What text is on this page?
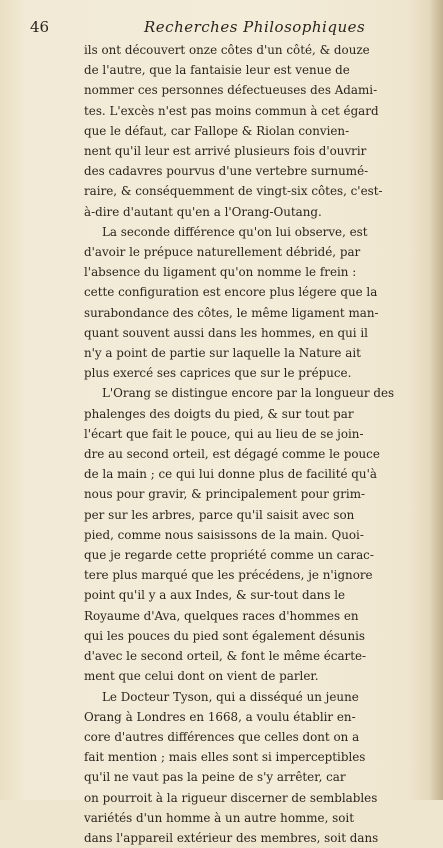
46	Recherches Philosophiques

ils ont découvert onze côtes d'un côté, & douze
de l'autre, que la fantaisie leur est venue de
nommer ces personnes défectueuses des Adami-
tes. L'excès n'est pas moins commun à cet égard
que le défaut, car Fallope & Riolan convien-
nent qu'il leur est arrivé plusieurs fois d'ouvrir
des cadavres pourvus d'une vertebre surnumé-
raire, & conséquemment de vingt-six côtes, c'est-
à-dire d'autant qu'en a l'Orang-Outang.

La seconde différence qu'on lui observe, est
d'avoir le prépuce naturellement débridé, par
l'absence du ligament qu'on nomme le frein :
cette configuration est encore plus légere que la
surabondance des côtes, le même ligament man-
quant souvent aussi dans les hommes, en qui il
n'y a point de partie sur laquelle la Nature ait
plus exercé ses caprices que sur le prépuce.

L'Orang se distingue encore par la longueur des
phalenges des doigts du pied, & sur tout par
l'écart que fait le pouce, qui au lieu de se join-
dre au second orteil, est dégagé comme le pouce
de la main ; ce qui lui donne plus de facilité qu'à
nous pour gravir, & principalement pour grim-
per sur les arbres, parce qu'il saisit avec son
pied, comme nous saisissons de la main. Quoi-
que je regarde cette propriété comme un carac-
tere plus marqué que les précédens, je n'ignore
point qu'il y a aux Indes, & sur-tout dans le
Royaume d'Ava, quelques races d'hommes en
qui les pouces du pied sont également désunis
d'avec le second orteil, & font le même écarte-
ment que celui dont on vient de parler.

Le Docteur Tyson, qui a disséqué un jeune
Orang à Londres en 1668, a voulu établir en-
core d'autres différences que celles dont on a
fait mention ; mais elles sont si imperceptibles
qu'il ne vaut pas la peine de s'y arrêter, car
on pourroit à la rigueur discerner de semblables
variétés d'un homme à un autre homme, soit
dans l'appareil extérieur des membres, soit dans
